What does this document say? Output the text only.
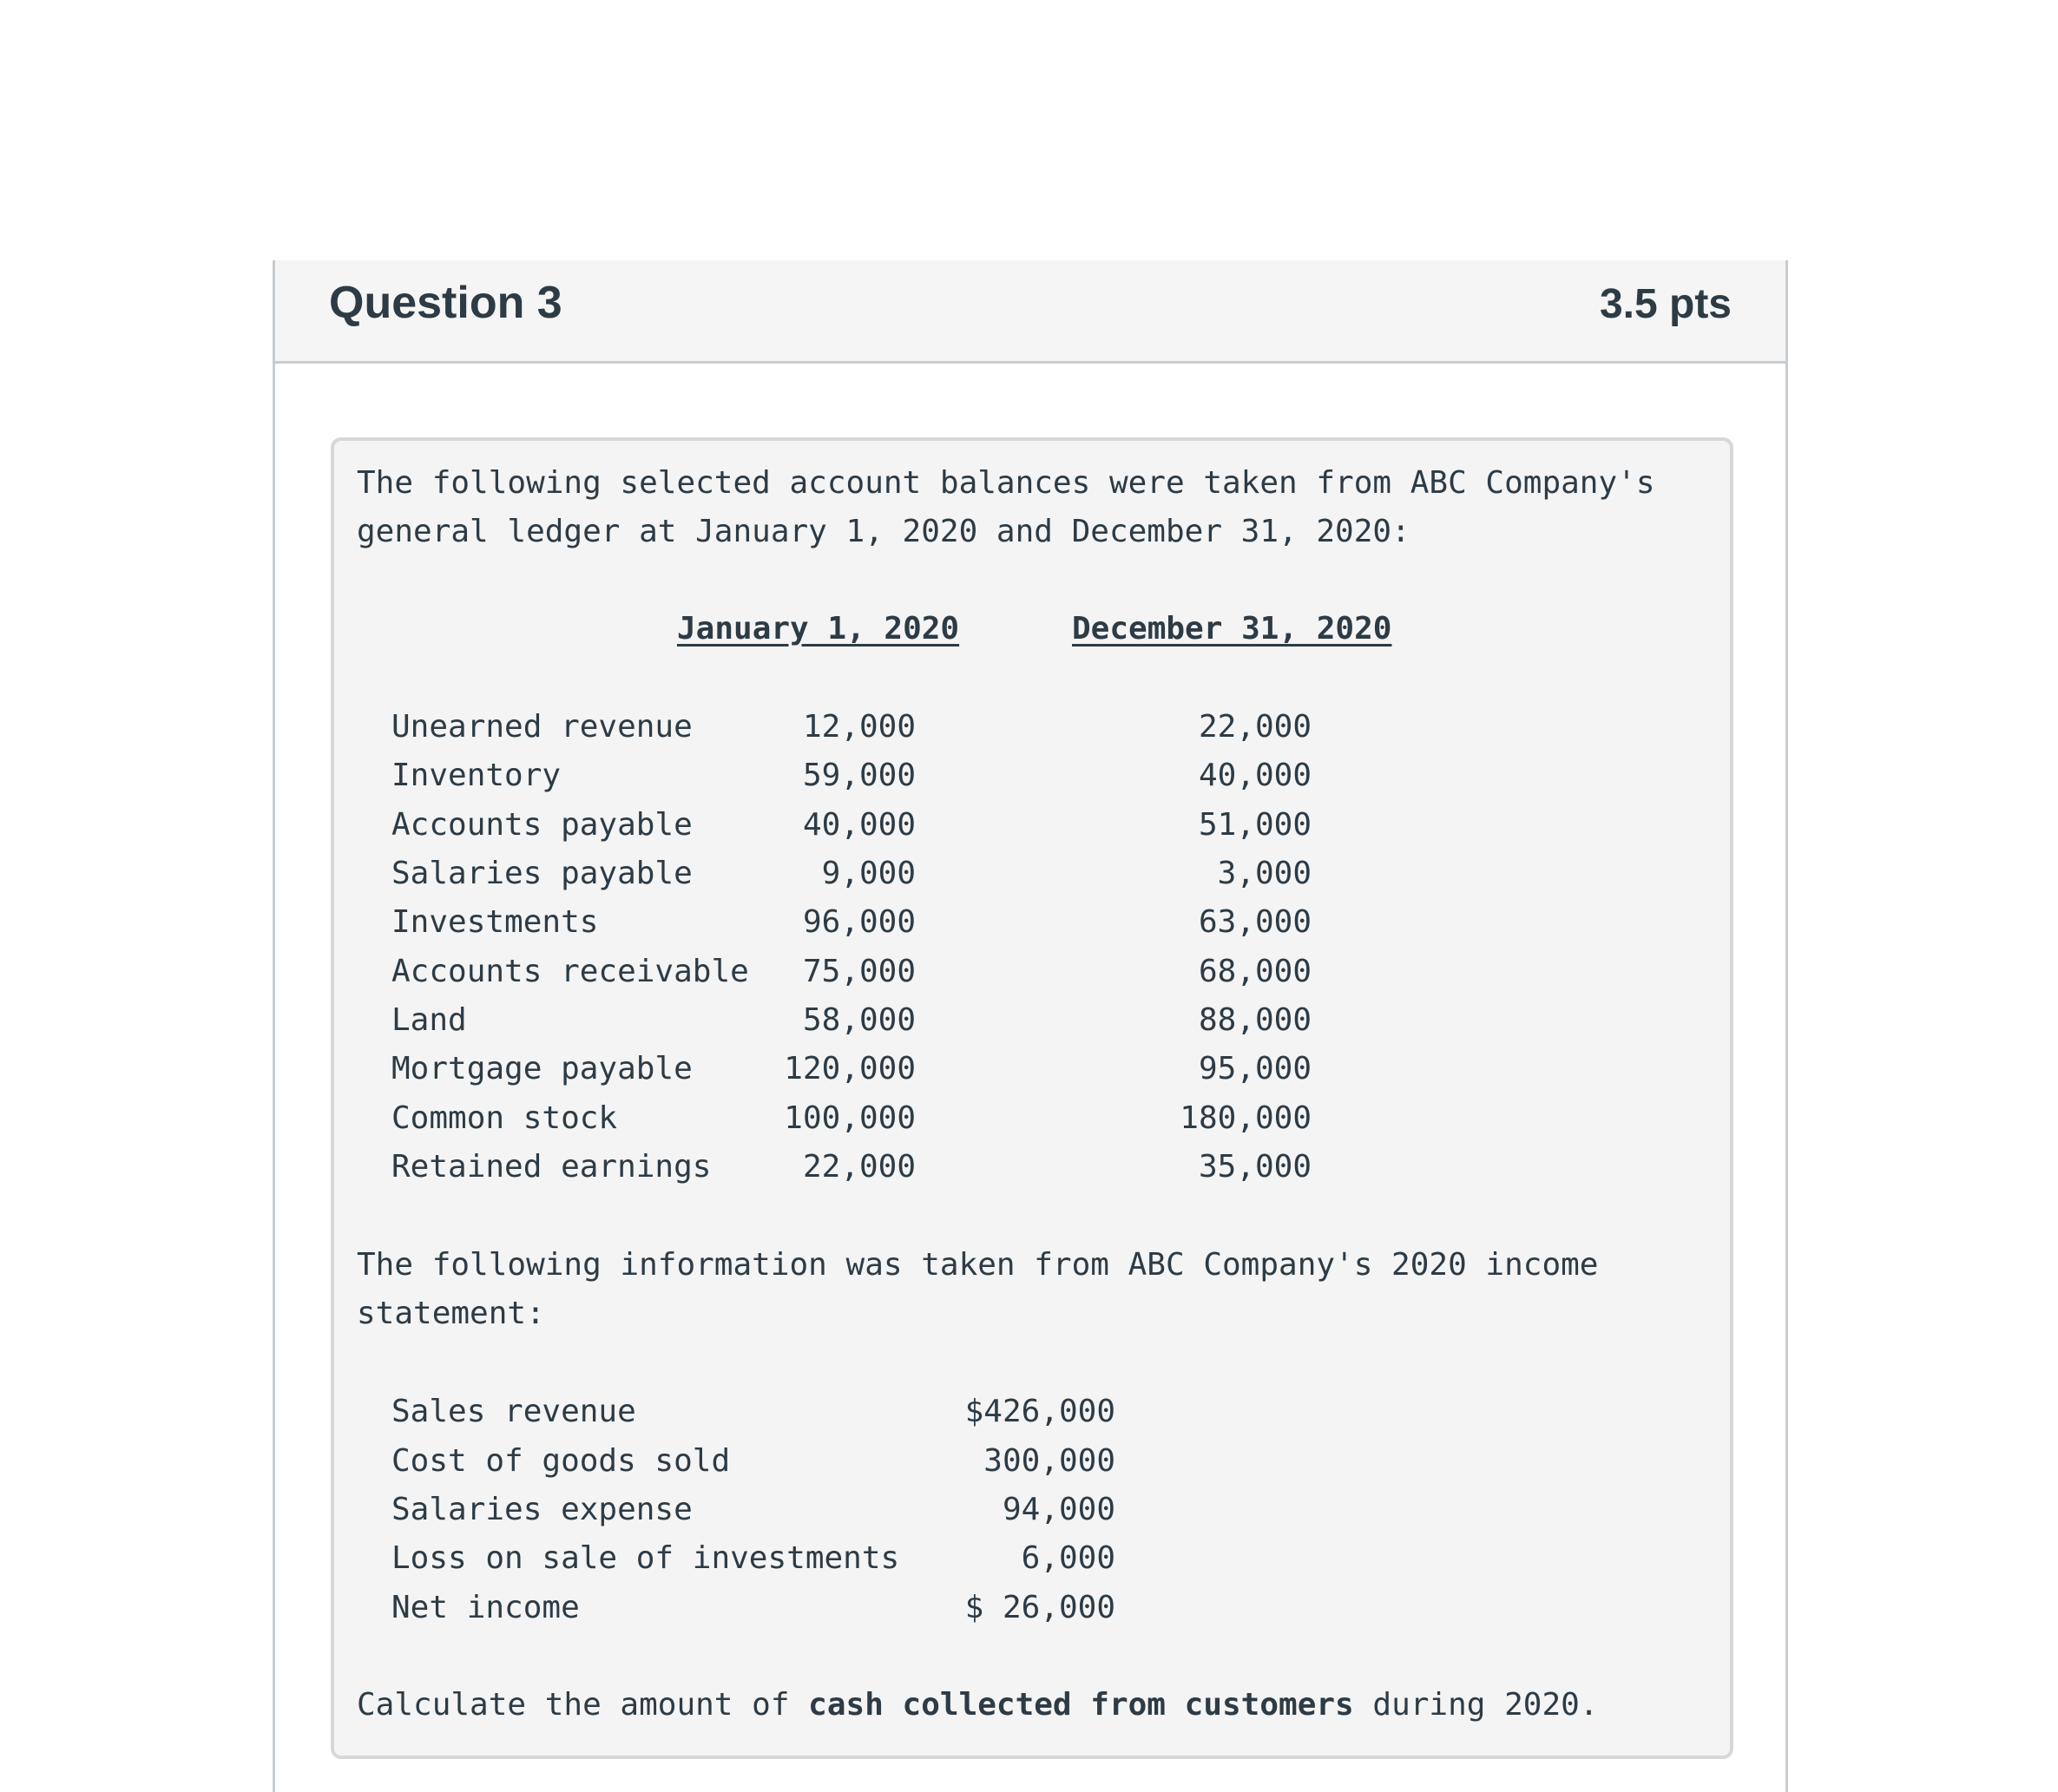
Question 3	3.5 pts
The following selected account balances were taken from ABC Company's
general ledger at January 1, 2020 and December 31, 2020:
January 1, 2020	December 31, 2020
Unearned revenue	12,000	22,000
Inventory	59,000	40,000
Accounts payable	40,000	51,000
Salaries payable	9,000	3,000
Investments	96,000	63,000
Accounts receivable	75,000	68,000
Land	58,000	88,000
Mortgage payable	120,000	95,000
Common stock	100,000	180,000
Retained earnings	22,000	35,000
The following information was taken from ABC Company's 2020 income
statement:
Sales revenue	$426,000
Cost of goods sold	300,000
Salaries expense	94,000
Loss on sale of investments	6,000
Net income	$ 26,000
Calculate the amount of cash collected from customers during 2020.
